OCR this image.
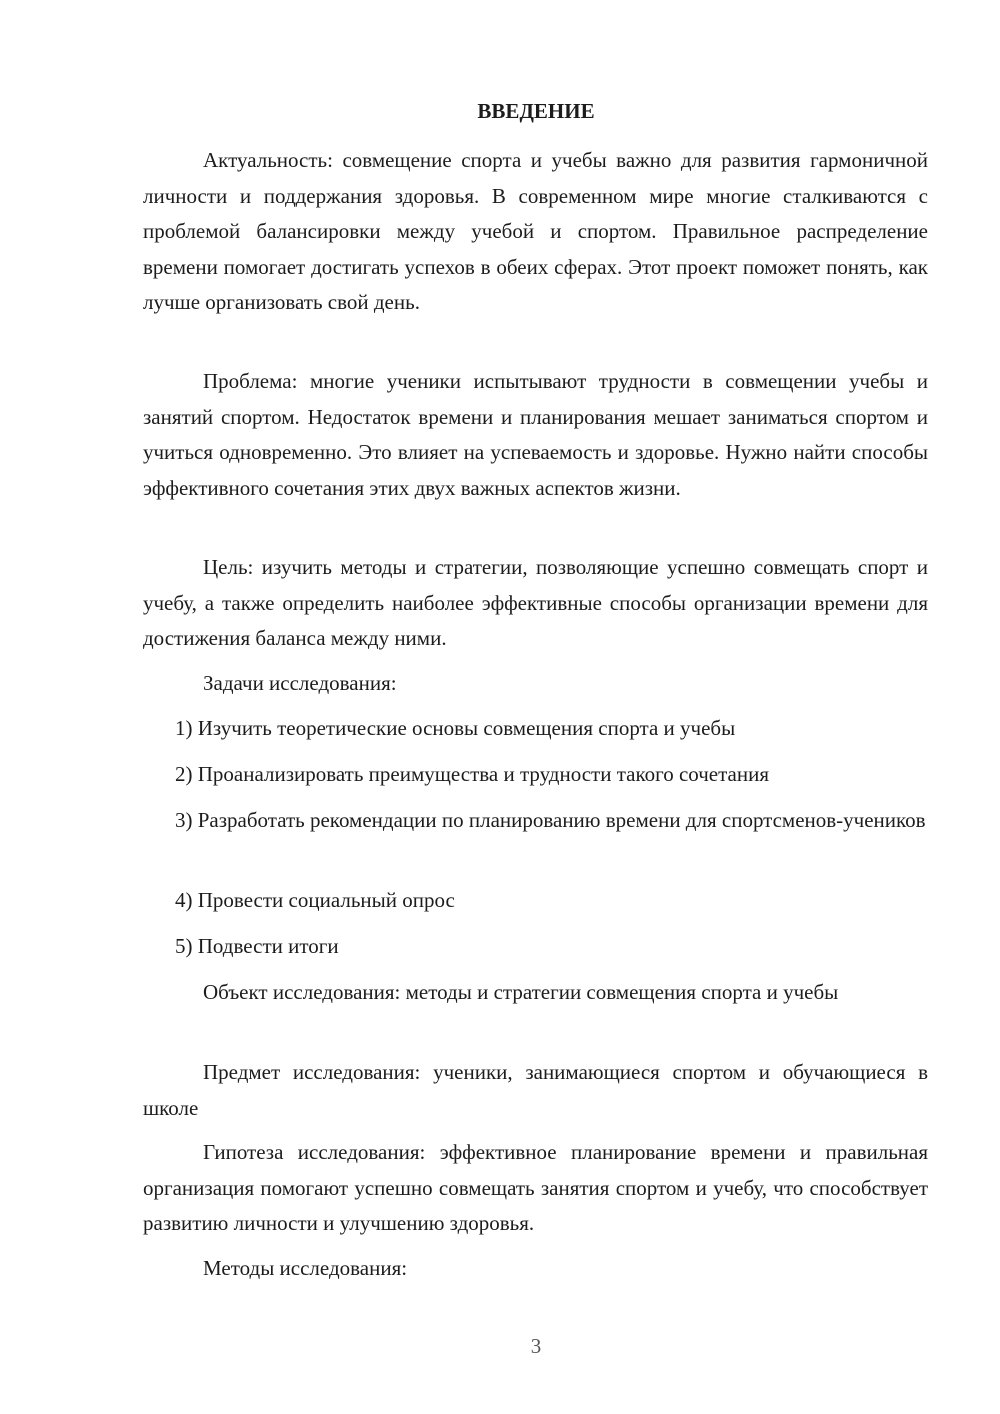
ВВЕДЕНИЕ

Актуальность: совмещение спорта и учебы важно для развития гармоничной личности и поддержания здоровья. В современном мире многие сталкиваются с проблемой балансировки между учебой и спортом. Правильное распределение времени помогает достигать успехов в обеих сферах. Этот проект поможет понять, как лучше организовать свой день.

Проблема: многие ученики испытывают трудности в совмещении учебы и занятий спортом. Недостаток времени и планирования мешает заниматься спортом и учиться одновременно. Это влияет на успеваемость и здоровье. Нужно найти способы эффективного сочетания этих двух важных аспектов жизни.

Цель: изучить методы и стратегии, позволяющие успешно совмещать спорт и учебу, а также определить наиболее эффективные способы организации времени для достижения баланса между ними.

Задачи исследования:

1) Изучить теоретические основы совмещения спорта и учебы

2) Проанализировать преимущества и трудности такого сочетания

3) Разработать рекомендации по планированию времени для спортсменов-учеников

4) Провести социальный опрос

5) Подвести итоги

Объект исследования: методы и стратегии совмещения спорта и учебы

Предмет исследования: ученики, занимающиеся спортом и обучающиеся в школе

Гипотеза исследования: эффективное планирование времени и правильная организация помогают успешно совмещать занятия спортом и учебу, что способствует развитию личности и улучшению здоровья.

Методы исследования:

3
